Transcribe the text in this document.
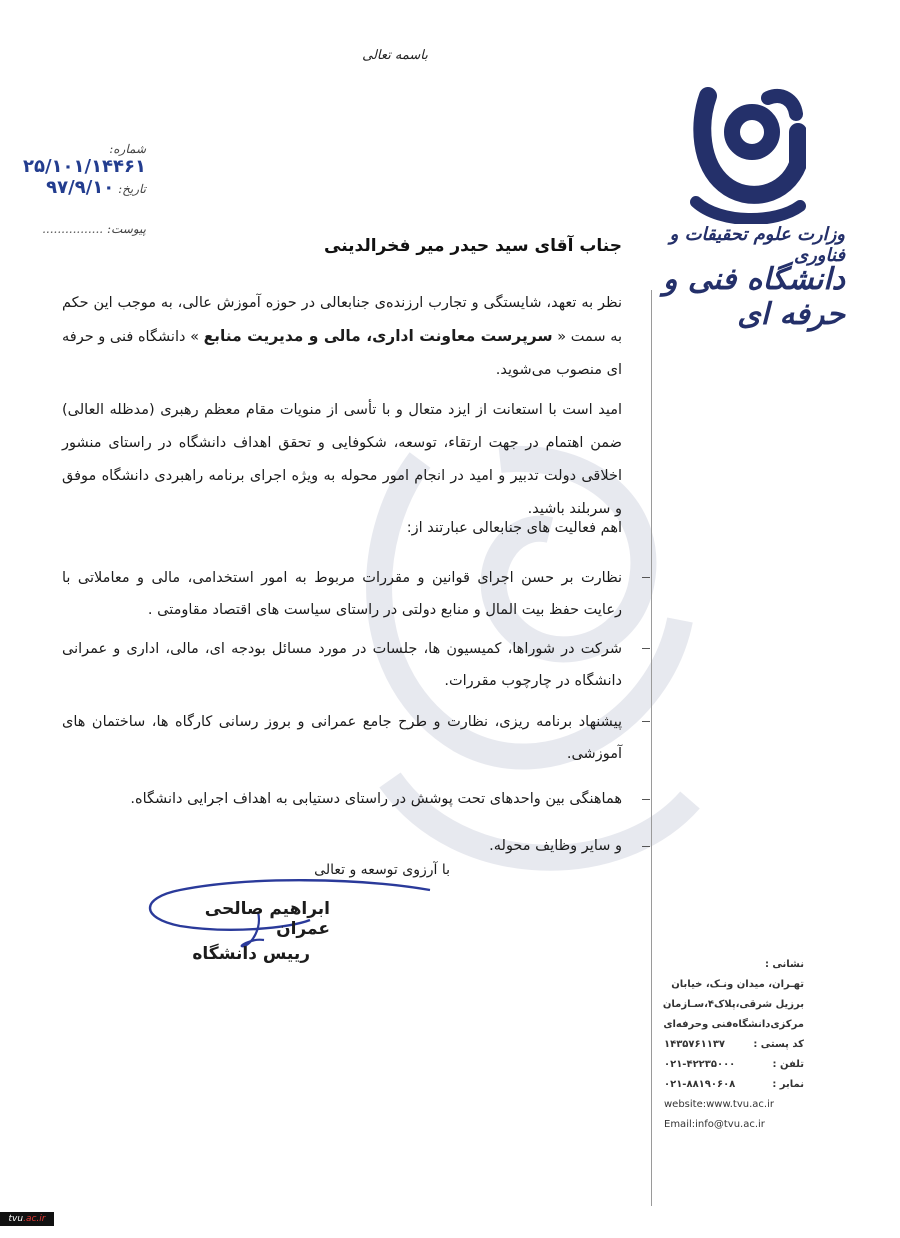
باسمه تعالی
وزارت علوم تحقیقات و فناوری
دانشگاه فنی و حرفه ای
شماره: ۲۵/۱۰۱/۱۴۴۶۱
تاریخ: ۹۷/۹/۱۰
پیوست: ................
جناب آقای سید حیدر میر فخرالدینی
نظر به تعهد، شایستگی و تجارب ارزنده‌ی جنابعالی در حوزه آموزش عالی، به موجب این حکم به سمت « سرپرست معاونت اداری، مالی و مدیریت منابع » دانشگاه فنی و حرفه ای منصوب می‌شوید.
امید است با استعانت از ایزد متعال و با تأسی از منویات مقام معظم رهبری (مدظله العالی) ضمن اهتمام در جهت ارتقاء، توسعه، شکوفایی و تحقق اهداف دانشگاه در راستای منشور اخلاقی دولت تدبیر و امید در انجام امور محوله به ویژه اجرای برنامه راهبردی دانشگاه موفق و سربلند باشید.
اهم فعالیت های جنابعالی عبارتند از:
نظارت بر حسن اجرای قوانین و مقررات مربوط به امور استخدامی، مالی و معاملاتی با رعایت حفظ بیت المال و منابع دولتی در راستای سیاست های اقتصاد مقاومتی .
شرکت در شوراها، کمیسیون ها، جلسات در مورد مسائل بودجه ای، مالی، اداری و عمرانی دانشگاه در چارچوب مقررات.
پیشنهاد برنامه ریزی، نظارت و طرح جامع عمرانی و بروز رسانی کارگاه ها، ساختمان های آموزشی.
هماهنگی بین واحدهای تحت پوشش در راستای دستیابی به اهداف اجرایی دانشگاه.
و سایر وظایف محوله.
با آرزوی توسعه و تعالی
ابراهیم صالحی عمران
رییس دانشگاه
نشانی :
تهـران، میدان ونـک، خیابان
برزیل شرقی،پلاک۴،سـازمان
مرکزی‌دانشگاه‌فنی وحرفه‌ای
کد پستی :
۱۴۳۵۷۶۱۱۳۷
تلفن :
۰۲۱-۴۲۲۳۵۰۰۰
نمابر :
۰۲۱-۸۸۱۹۰۶۰۸
website:www.tvu.ac.ir
Email:info@tvu.ac.ir
tvu.ac.ir
